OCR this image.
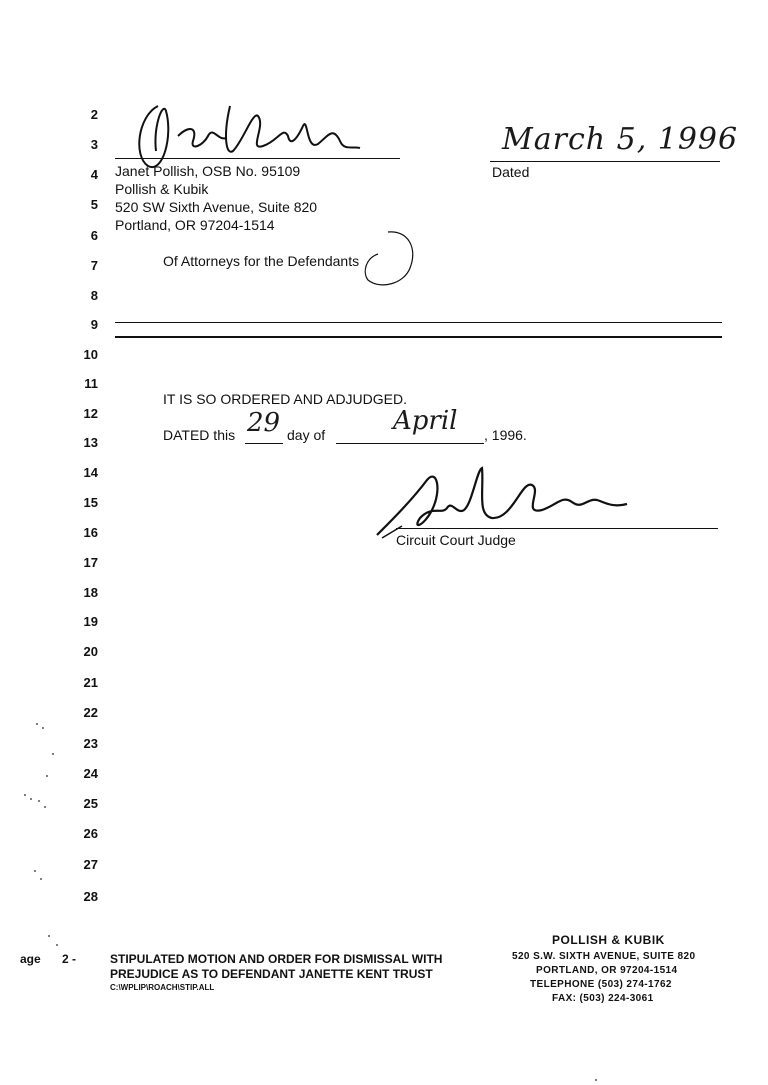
2
3
4
5
6
7
8
9
10
11
12
13
14
15
16
17
18
19
20
21
22
23
24
25
26
27
28
Janet Pollish, OSB No. 95109
Pollish & Kubik
520 SW Sixth Avenue, Suite 820
Portland, OR 97204-1514
Of Attorneys for the Defendants
March 5, 1996
Dated
IT IS SO ORDERED AND ADJUDGED.
DATED this 29 day of	April , 1996.
Circuit Court Judge
age 2 -	STIPULATED MOTION AND ORDER FOR DISMISSAL WITH
PREJUDICE AS TO DEFENDANT JANETTE KENT TRUST
C:\WPLIP\ROACH\STIP.ALL
POLLISH & KUBIK
520 S.W. SIXTH AVENUE, SUITE 820
PORTLAND, OR 97204-1514
TELEPHONE (503) 274-1762
FAX: (503) 224-3061
